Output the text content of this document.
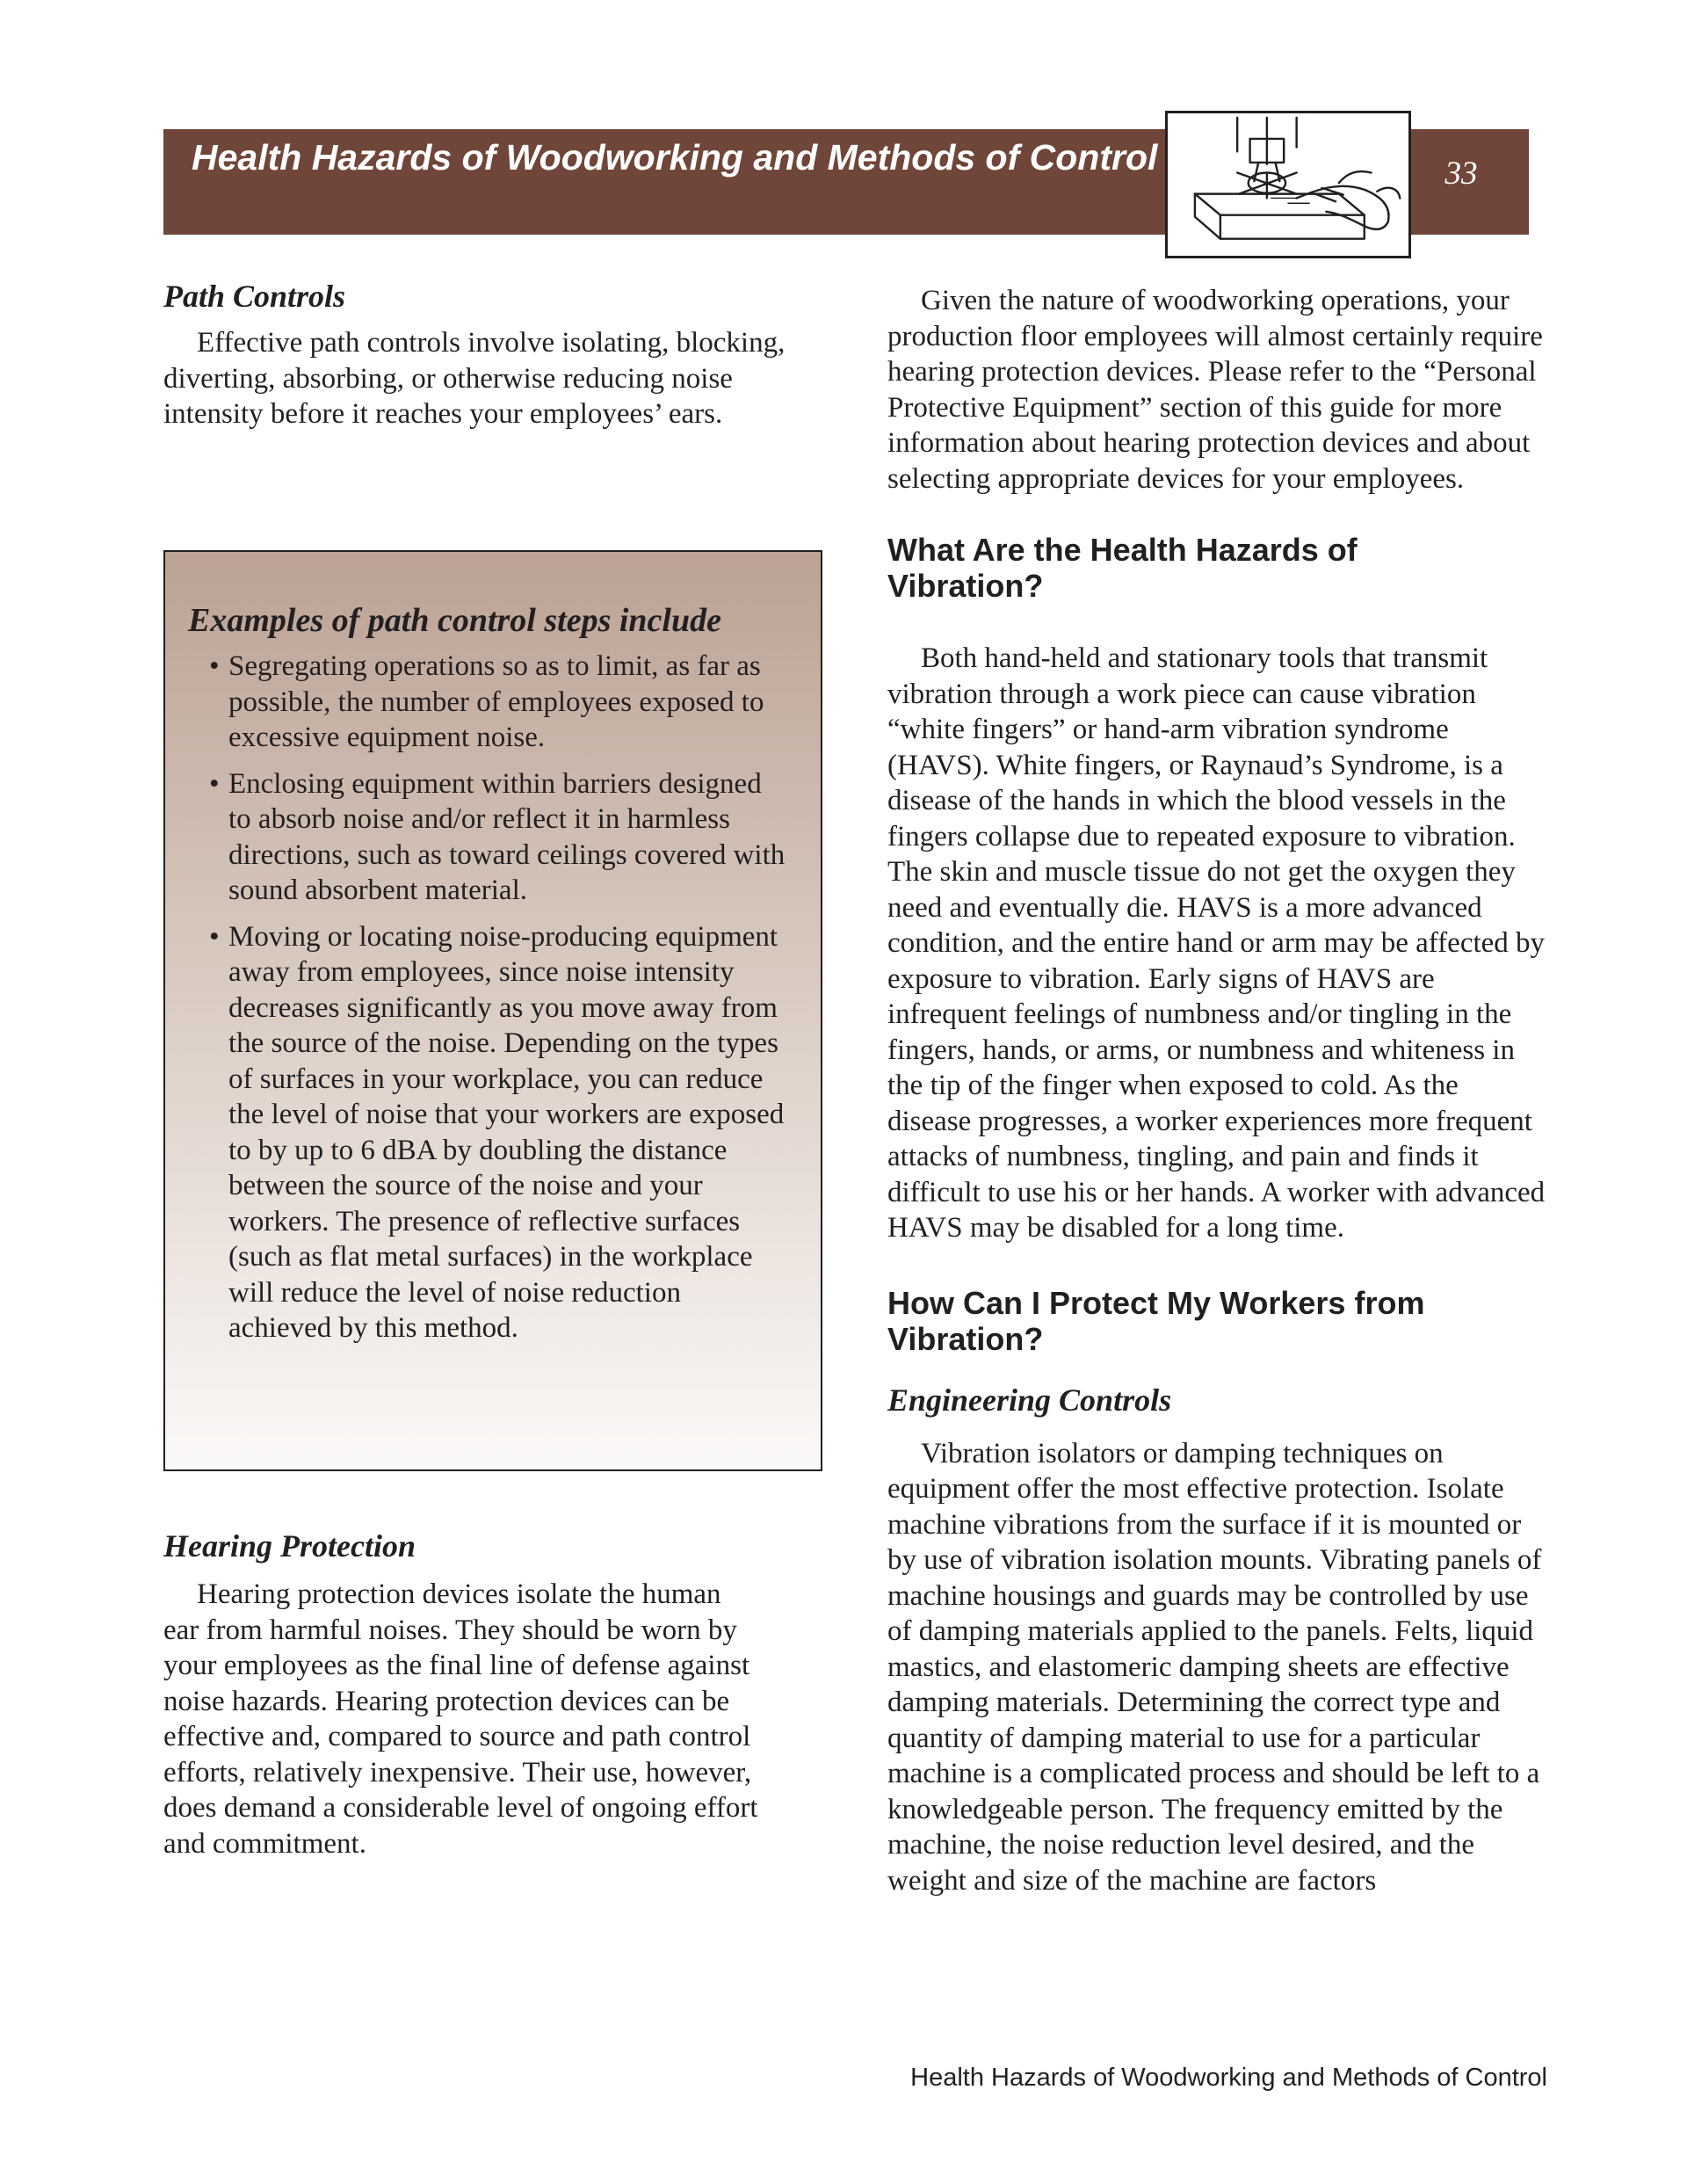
Health Hazards of Woodworking and Methods of Control	33
Path Controls

Effective path controls involve isolating, blocking, diverting, absorbing, or otherwise reducing noise intensity before it reaches your employees’ ears.

Examples of path control steps include
• Segregating operations so as to limit, as far as possible, the number of employees exposed to excessive equipment noise.
• Enclosing equipment within barriers designed to absorb noise and/or reflect it in harmless directions, such as toward ceilings covered with sound absorbent material.
• Moving or locating noise-producing equipment away from employees, since noise intensity decreases significantly as you move away from the source of the noise. Depending on the types of surfaces in your workplace, you can reduce the level of noise that your workers are exposed to by up to 6 dBA by doubling the distance between the source of the noise and your workers. The presence of reflective surfaces (such as flat metal surfaces) in the workplace will reduce the level of noise reduction achieved by this method.
Hearing Protection

Hearing protection devices isolate the human ear from harmful noises. They should be worn by your employees as the final line of defense against noise hazards. Hearing protection devices can be effective and, compared to source and path control efforts, relatively inexpensive. Their use, however, does demand a considerable level of ongoing effort and commitment.

Given the nature of woodworking operations, your production floor employees will almost certainly require hearing protection devices. Please refer to the “Personal Protective Equipment” section of this guide for more information about hearing protection devices and about selecting appropriate devices for your employees.

What Are the Health Hazards of Vibration?

Both hand-held and stationary tools that transmit vibration through a work piece can cause vibration “white fingers” or hand-arm vibration syndrome (HAVS). White fingers, or Raynaud’s Syndrome, is a disease of the hands in which the blood vessels in the fingers collapse due to repeated exposure to vibration. The skin and muscle tissue do not get the oxygen they need and eventually die. HAVS is a more advanced condition, and the entire hand or arm may be affected by exposure to vibration. Early signs of HAVS are infrequent feelings of numbness and/or tingling in the fingers, hands, or arms, or numbness and whiteness in the tip of the finger when exposed to cold. As the disease progresses, a worker experiences more frequent attacks of numbness, tingling, and pain and finds it difficult to use his or her hands. A worker with advanced HAVS may be disabled for a long time.

How Can I Protect My Workers from Vibration?
Engineering Controls

Vibration isolators or damping techniques on equipment offer the most effective protection. Isolate machine vibrations from the surface if it is mounted or by use of vibration isolation mounts. Vibrating panels of machine housings and guards may be controlled by use of damping materials applied to the panels. Felts, liquid mastics, and elastomeric damping sheets are effective damping materials. Determining the correct type and quantity of damping material to use for a particular machine is a complicated process and should be left to a knowledgeable person. The frequency emitted by the machine, the noise reduction level desired, and the weight and size of the machine are factors

Health Hazards of Woodworking and Methods of Control
